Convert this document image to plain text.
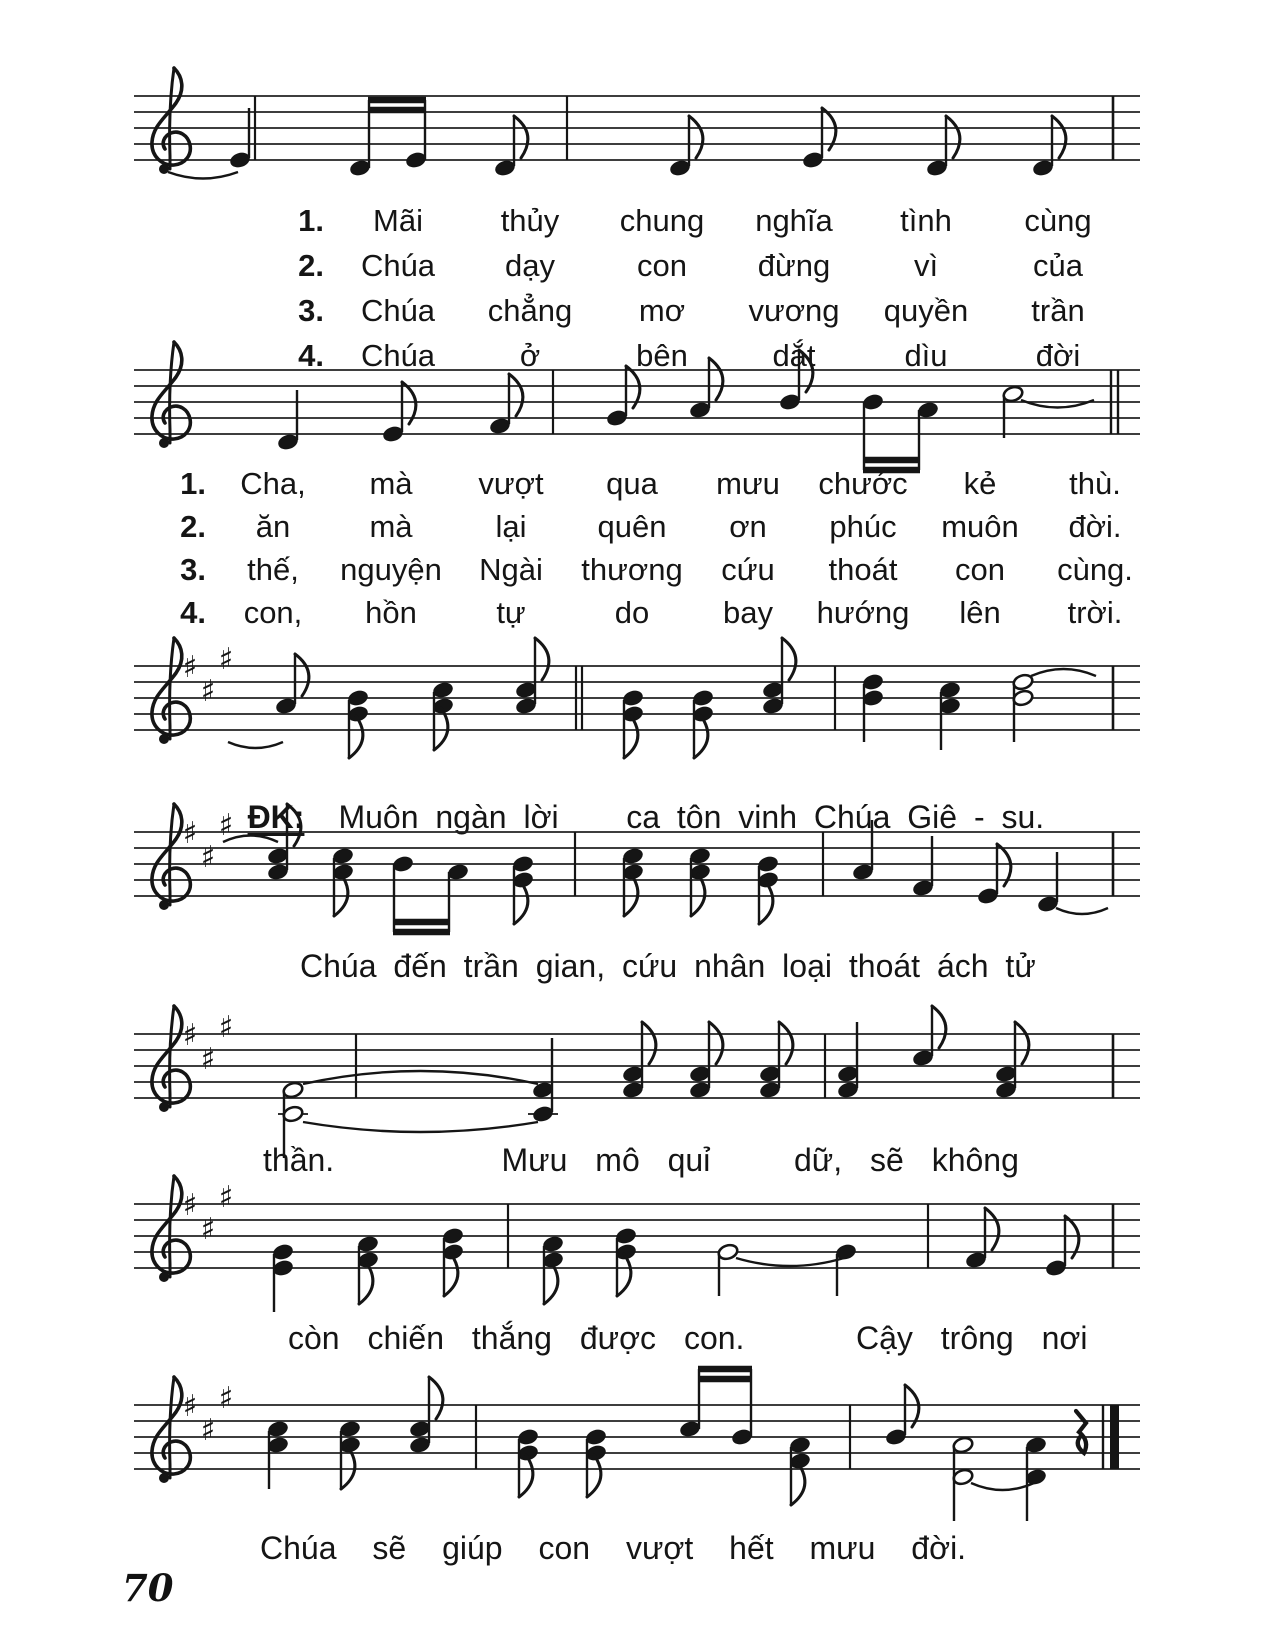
1.	Mãi	thủy	chung	nghĩa	tình	cùng
2.	Chúa	dạy	con	đừng	vì	của
3.	Chúa	chẳng	mơ	vương	quyền	trần
4.	Chúa	ở	bên	dắt	dìu	đời
1.	Cha,	mà	vượt	qua	mưu	chước	kẻ	thù.
2.	ăn	mà	lại	quên	ơn	phúc	muôn	đời.
3.	thế,	nguyện	Ngài	thương	cứu	thoát	con	cùng.
4.	con,	hồn	tự	do	bay	hướng	lên	trời.
♯
♯
♯

ĐK: Muôn ngàn lời    ca tôn vinh Chúa Giê - su.

♯
♯
♯
Chúa đến trần gian, cứu nhân loại thoát ách tử
♯
♯
♯
thần.      Mưu mô quỉ   dữ, sẽ không
♯
♯
♯
còn chiến thắng được con.    Cậy trông nơi
♯
♯
♯
Chúa sẽ giúp con vượt hết mưu đời.
70
